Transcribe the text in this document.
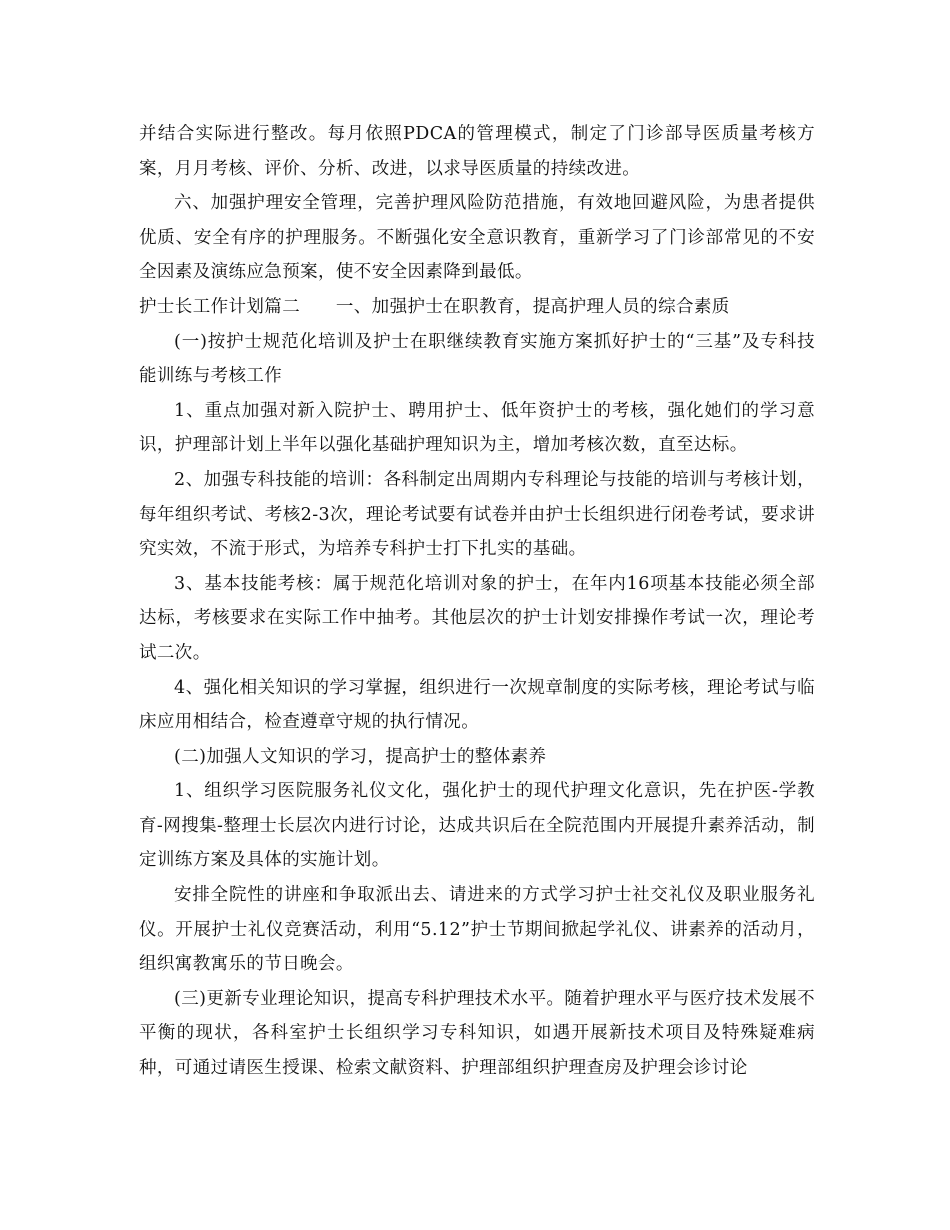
并结合实际进行整改。每月依照PDCA的管理模式，制定了门诊部导医质量考核方案，月月考核、评价、分析、改进，以求导医质量的持续改进。

六、加强护理安全管理，完善护理风险防范措施，有效地回避风险，为患者提供优质、安全有序的护理服务。不断强化安全意识教育，重新学习了门诊部常见的不安全因素及演练应急预案，使不安全因素降到最低。

护士长工作计划篇二      一、加强护士在职教育，提高护理人员的综合素质

(一)按护士规范化培训及护士在职继续教育实施方案抓好护士的“三基”及专科技能训练与考核工作

1、重点加强对新入院护士、聘用护士、低年资护士的考核，强化她们的学习意识，护理部计划上半年以强化基础护理知识为主，增加考核次数，直至达标。

2、加强专科技能的培训：各科制定出周期内专科理论与技能的培训与考核计划，每年组织考试、考核2-3次，理论考试要有试卷并由护士长组织进行闭卷考试，要求讲究实效，不流于形式，为培养专科护士打下扎实的基础。

3、基本技能考核：属于规范化培训对象的护士，在年内16项基本技能必须全部达标，考核要求在实际工作中抽考。其他层次的护士计划安排操作考试一次，理论考试二次。

4、强化相关知识的学习掌握，组织进行一次规章制度的实际考核，理论考试与临床应用相结合，检查遵章守规的执行情况。

(二)加强人文知识的学习，提高护士的整体素养

1、组织学习医院服务礼仪文化，强化护士的现代护理文化意识，先在护医-学教育-网搜集-整理士长层次内进行讨论，达成共识后在全院范围内开展提升素养活动，制定训练方案及具体的实施计划。

安排全院性的讲座和争取派出去、请进来的方式学习护士社交礼仪及职业服务礼仪。开展护士礼仪竞赛活动，利用“5.12”护士节期间掀起学礼仪、讲素养的活动月，组织寓教寓乐的节日晚会。

(三)更新专业理论知识，提高专科护理技术水平。随着护理水平与医疗技术发展不平衡的现状，各科室护士长组织学习专科知识，如遇开展新技术项目及特殊疑难病种，可通过请医生授课、检索文献资料、护理部组织护理查房及护理会诊讨论
